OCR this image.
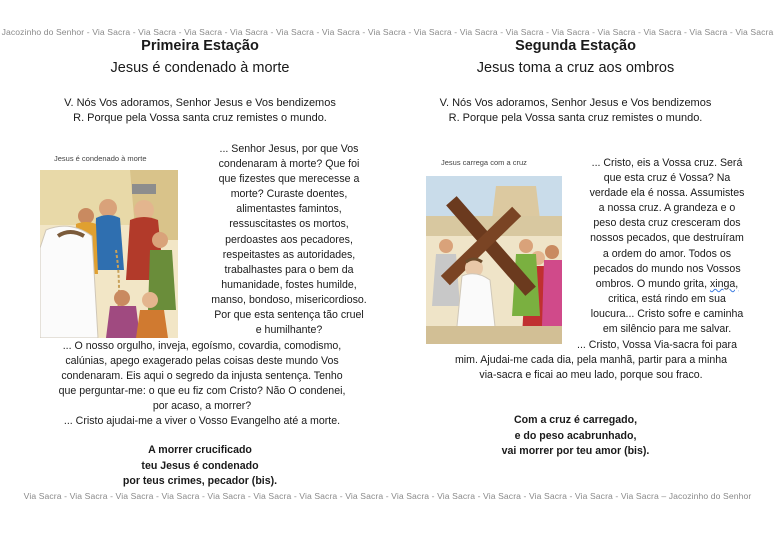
Jacozinho do Senhor - Via Sacra - Via Sacra - Via Sacra - Via Sacra - Via Sacra - Via Sacra - Via Sacra - Via Sacra - Via Sacra - Via Sacra - Via Sacra - Via Sacra - Via Sacra - Via Sacra - Via Sacra
Via Sacra - Via Sacra - Via Sacra - Via Sacra - Via Sacra - Via Sacra - Via Sacra - Via Sacra - Via Sacra - Via Sacra - Via Sacra - Via Sacra - Via Sacra - Via Sacra – Jacozinho do Senhor
Primeira Estação
Jesus é condenado à morte
V. Nós Vos adoramos, Senhor Jesus e Vos bendizemos
R. Porque pela Vossa santa cruz remistes o mundo.
Jesus é condenado à morte
... Senhor Jesus, por que Vos
condenaram à morte? Que foi
que fizestes que merecesse a
morte? Curaste doentes,
alimentastes famintos,
ressuscitastes os mortos,
perdoastes aos pecadores,
respeitastes as autoridades,
trabalhastes para o bem da
humanidade, fostes humilde,
manso, bondoso, misericordioso.
Por que esta sentença tão cruel
e humilhante?
... O nosso orgulho, inveja, egoísmo, covardia, comodismo,
calúnias, apego exagerado pelas coisas deste mundo Vos
condenaram. Eis aqui o segredo da injusta sentença. Tenho
que perguntar-me: o que eu fiz com Cristo? Não O condenei,
por acaso, a morrer?
... Cristo ajudai-me a viver o Vosso Evangelho até a morte.
A morrer crucificado
teu Jesus é condenado
por teus crimes, pecador (bis).
Segunda Estação
Jesus toma a cruz aos ombros
V. Nós Vos adoramos, Senhor Jesus e Vos bendizemos
R. Porque pela Vossa santa cruz remistes o mundo.
Jesus carrega com a cruz	... Cristo, eis a Vossa cruz. Será
que esta cruz é Vossa? Na
verdade ela é nossa. Assumistes
a nossa cruz. A grandeza e o
peso desta cruz cresceram dos
nossos pecados, que destruíram
a ordem do amor. Todos os
pecados do mundo nos Vossos
ombros. O mundo grita, xinga,
critica, está rindo em sua
loucura... Cristo sofre e caminha
em silêncio para me salvar.
... Cristo, Vossa Via-sacra foi para
mim. Ajudai-me cada dia, pela manhã, partir para a minha
via-sacra e ficai ao meu lado, porque sou fraco.
Com a cruz é carregado,
e do peso acabrunhado,
vai morrer por teu amor (bis).
